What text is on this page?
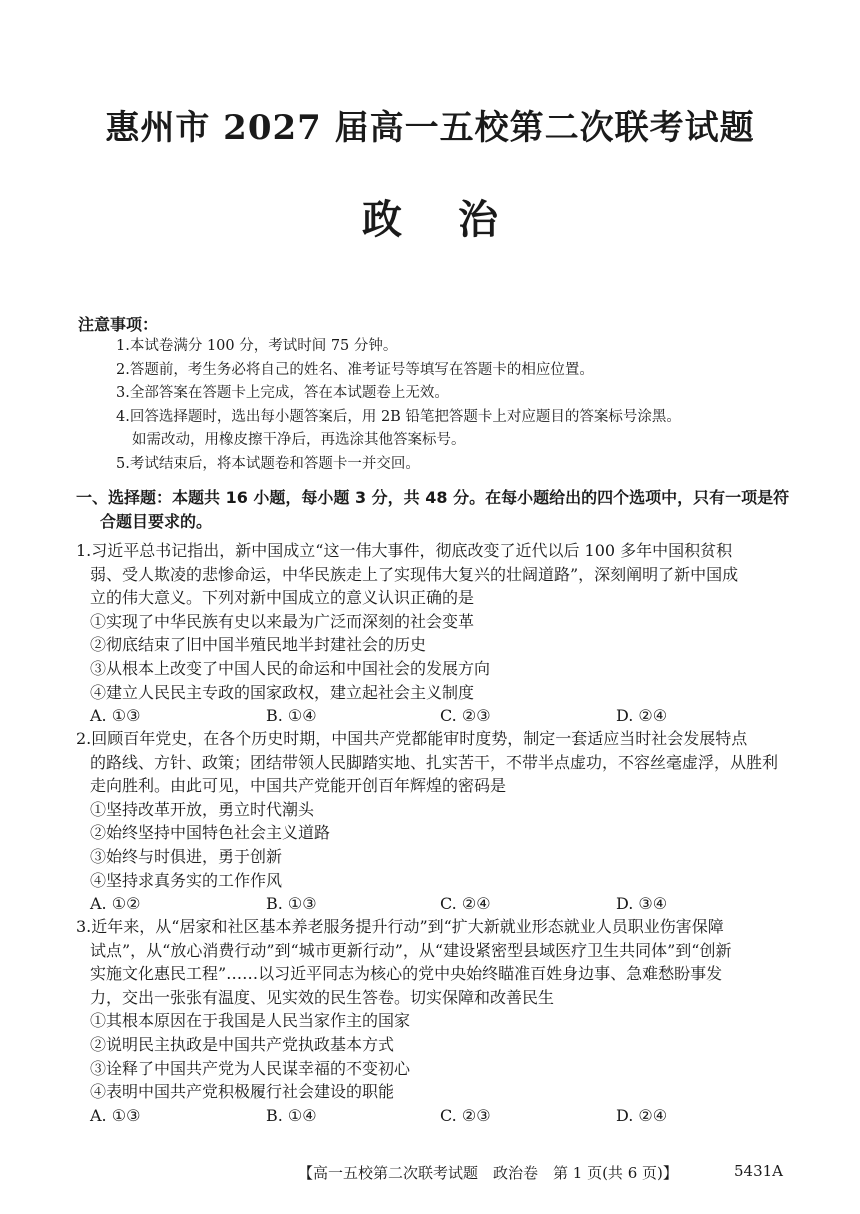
惠州市 2027 届高一五校第二次联考试题
政治
注意事项：
1.本试卷满分 100 分，考试时间 75 分钟。
2.答题前，考生务必将自己的姓名、准考证号等填写在答题卡的相应位置。
3.全部答案在答题卡上完成，答在本试题卷上无效。
4.回答选择题时，选出每小题答案后，用 2B 铅笔把答题卡上对应题目的答案标号涂黑。
如需改动，用橡皮擦干净后，再选涂其他答案标号。
5.考试结束后，将本试题卷和答题卡一并交回。
一、选择题：本题共 16 小题，每小题 3 分，共 48 分。在每小题给出的四个选项中，只有一项是符
合题目要求的。
1.习近平总书记指出，新中国成立“这一伟大事件，彻底改变了近代以后 100 多年中国积贫积
弱、受人欺凌的悲惨命运，中华民族走上了实现伟大复兴的壮阔道路”，深刻阐明了新中国成
立的伟大意义。下列对新中国成立的意义认识正确的是
①实现了中华民族有史以来最为广泛而深刻的社会变革
②彻底结束了旧中国半殖民地半封建社会的历史
③从根本上改变了中国人民的命运和中国社会的发展方向
④建立人民民主专政的国家政权，建立起社会主义制度
A. ①③	B. ①④	C. ②③	D. ②④
2.回顾百年党史，在各个历史时期，中国共产党都能审时度势，制定一套适应当时社会发展特点
的路线、方针、政策；团结带领人民脚踏实地、扎实苦干，不带半点虚功，不容丝毫虚浮，从胜利
走向胜利。由此可见，中国共产党能开创百年辉煌的密码是
①坚持改革开放，勇立时代潮头
②始终坚持中国特色社会主义道路
③始终与时俱进，勇于创新
④坚持求真务实的工作作风
A. ①②	B. ①③	C. ②④	D. ③④
3.近年来，从“居家和社区基本养老服务提升行动”到“扩大新就业形态就业人员职业伤害保障
试点”，从“放心消费行动”到“城市更新行动”，从“建设紧密型县域医疗卫生共同体”到“创新
实施文化惠民工程”……以习近平同志为核心的党中央始终瞄准百姓身边事、急难愁盼事发
力，交出一张张有温度、见实效的民生答卷。切实保障和改善民生
①其根本原因在于我国是人民当家作主的国家
②说明民主执政是中国共产党执政基本方式
③诠释了中国共产党为人民谋幸福的不变初心
④表明中国共产党积极履行社会建设的职能
A. ①③	B. ①④	C. ②③	D. ②④
【高一五校第二次联考试题　政治卷　第 1 页(共 6 页)】	5431A
